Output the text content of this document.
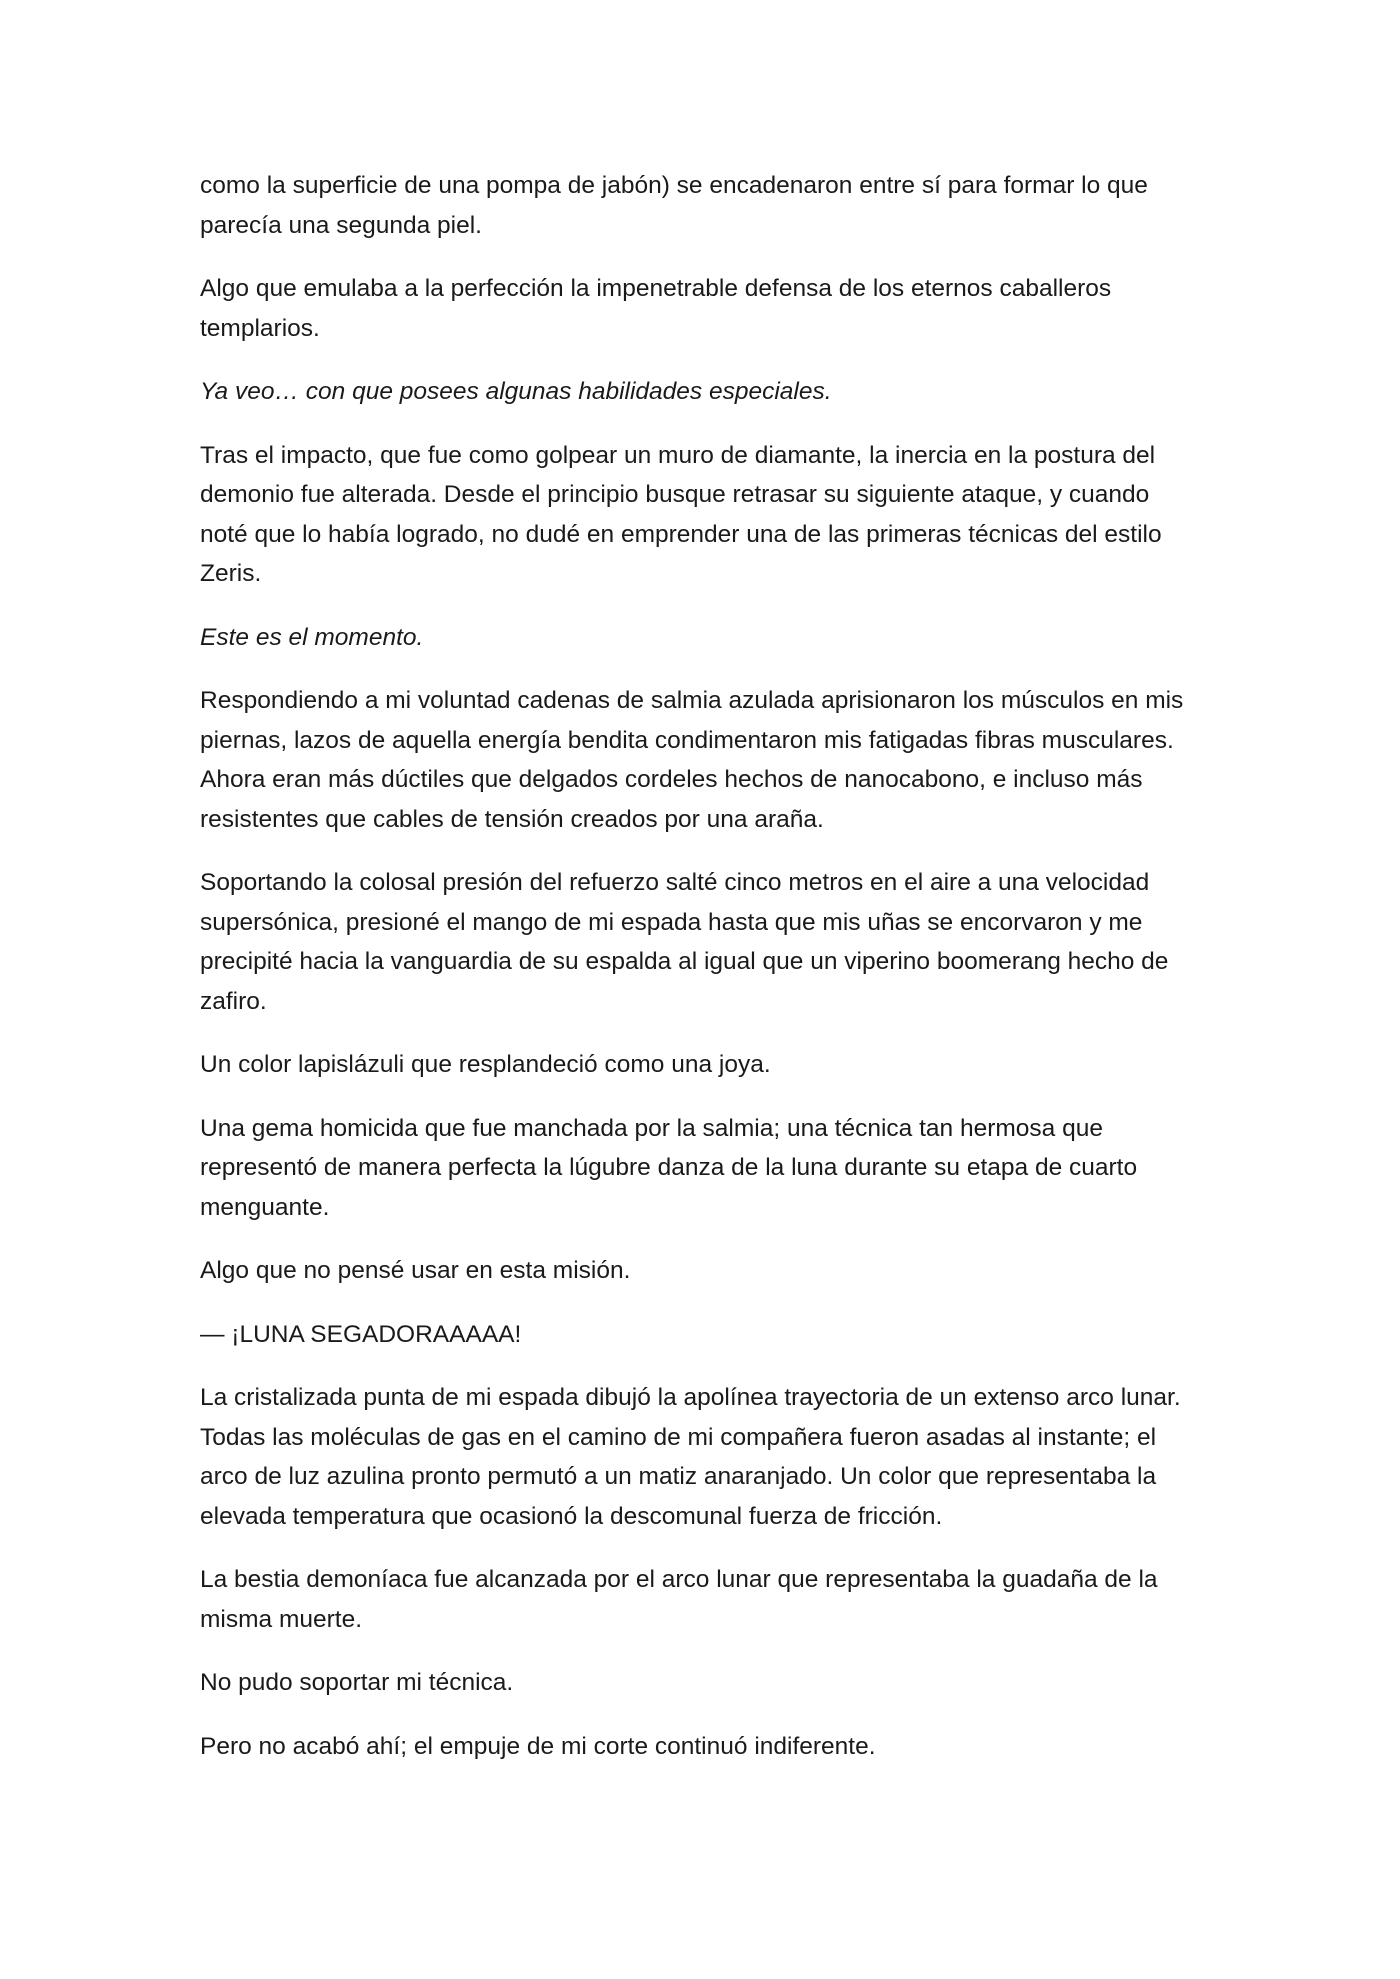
como la superficie de una pompa de jabón) se encadenaron entre sí para formar lo que parecía una segunda piel.

Algo que emulaba a la perfección la impenetrable defensa de los eternos caballeros templarios.

Ya veo… con que posees algunas habilidades especiales.

Tras el impacto, que fue como golpear un muro de diamante, la inercia en la postura del demonio fue alterada. Desde el principio busque retrasar su siguiente ataque, y cuando noté que lo había logrado, no dudé en emprender una de las primeras técnicas del estilo Zeris.

Este es el momento.

Respondiendo a mi voluntad cadenas de salmia azulada aprisionaron los músculos en mis piernas, lazos de aquella energía bendita condimentaron mis fatigadas fibras musculares. Ahora eran más dúctiles que delgados cordeles hechos de nanocabono, e incluso más resistentes que cables de tensión creados por una araña.

Soportando la colosal presión del refuerzo salté cinco metros en el aire a una velocidad supersónica, presioné el mango de mi espada hasta que mis uñas se encorvaron y me precipité hacia la vanguardia de su espalda al igual que un viperino boomerang hecho de zafiro.

Un color lapislázuli que resplandeció como una joya.

Una gema homicida que fue manchada por la salmia; una técnica tan hermosa que representó de manera perfecta la lúgubre danza de la luna durante su etapa de cuarto menguante.

Algo que no pensé usar en esta misión.

— ¡LUNA SEGADORAAAAA!

La cristalizada punta de mi espada dibujó la apolínea trayectoria de un extenso arco lunar. Todas las moléculas de gas en el camino de mi compañera fueron asadas al instante; el arco de luz azulina pronto permutó a un matiz anaranjado. Un color que representaba la elevada temperatura que ocasionó la descomunal fuerza de fricción.

La bestia demoníaca fue alcanzada por el arco lunar que representaba la guadaña de la misma muerte.

No pudo soportar mi técnica.

Pero no acabó ahí; el empuje de mi corte continuó indiferente.
